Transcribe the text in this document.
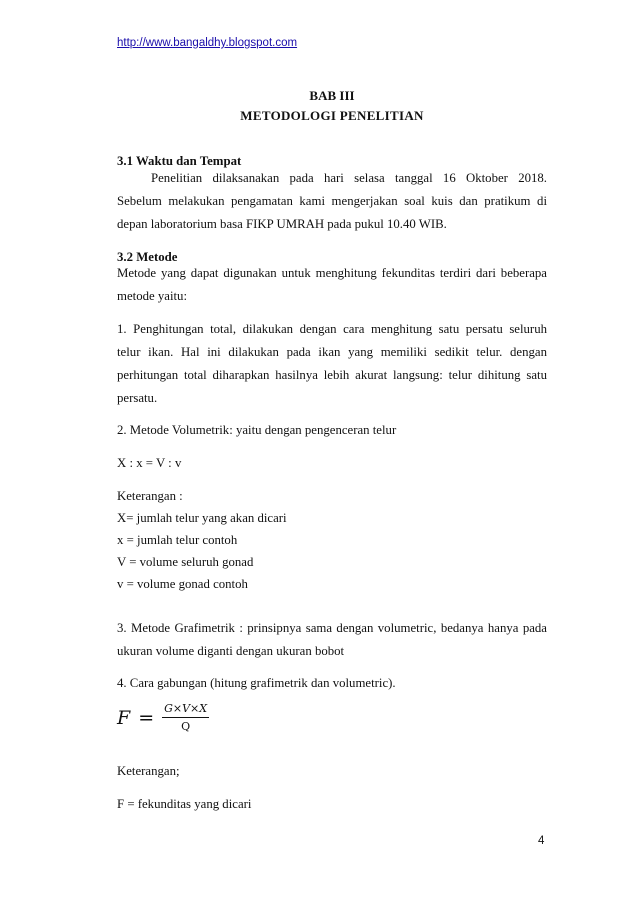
http://www.bangaldhy.blogspot.com
BAB III
METODOLOGI PENELITIAN
3.1 Waktu dan Tempat
Penelitian dilaksanakan pada hari selasa tanggal 16 Oktober 2018.
Sebelum melakukan pengamatan kami mengerjakan soal kuis dan pratikum di
depan laboratorium basa FIKP UMRAH pada pukul 10.40 WIB.
3.2 Metode
Metode yang dapat digunakan untuk menghitung fekunditas terdiri dari beberapa
metode yaitu:
1. Penghitungan total, dilakukan dengan cara menghitung satu persatu seluruh
telur ikan. Hal ini dilakukan pada ikan yang memiliki sedikit telur. dengan
perhitungan total diharapkan hasilnya lebih akurat langsung: telur dihitung satu
persatu.
2. Metode Volumetrik: yaitu dengan pengenceran telur
X : x = V : v
Keterangan :
X= jumlah telur yang akan dicari
x = jumlah telur contoh
V = volume seluruh gonad
v = volume gonad contoh
3. Metode Grafimetrik : prinsipnya sama dengan volumetric, bedanya hanya pada
ukuran volume diganti dengan ukuran bobot
4. Cara gabungan (hitung grafimetrik dan volumetric).
$F = \frac{G\times V\times X}{Q}$
Keterangan;
F = fekunditas yang dicari
4
